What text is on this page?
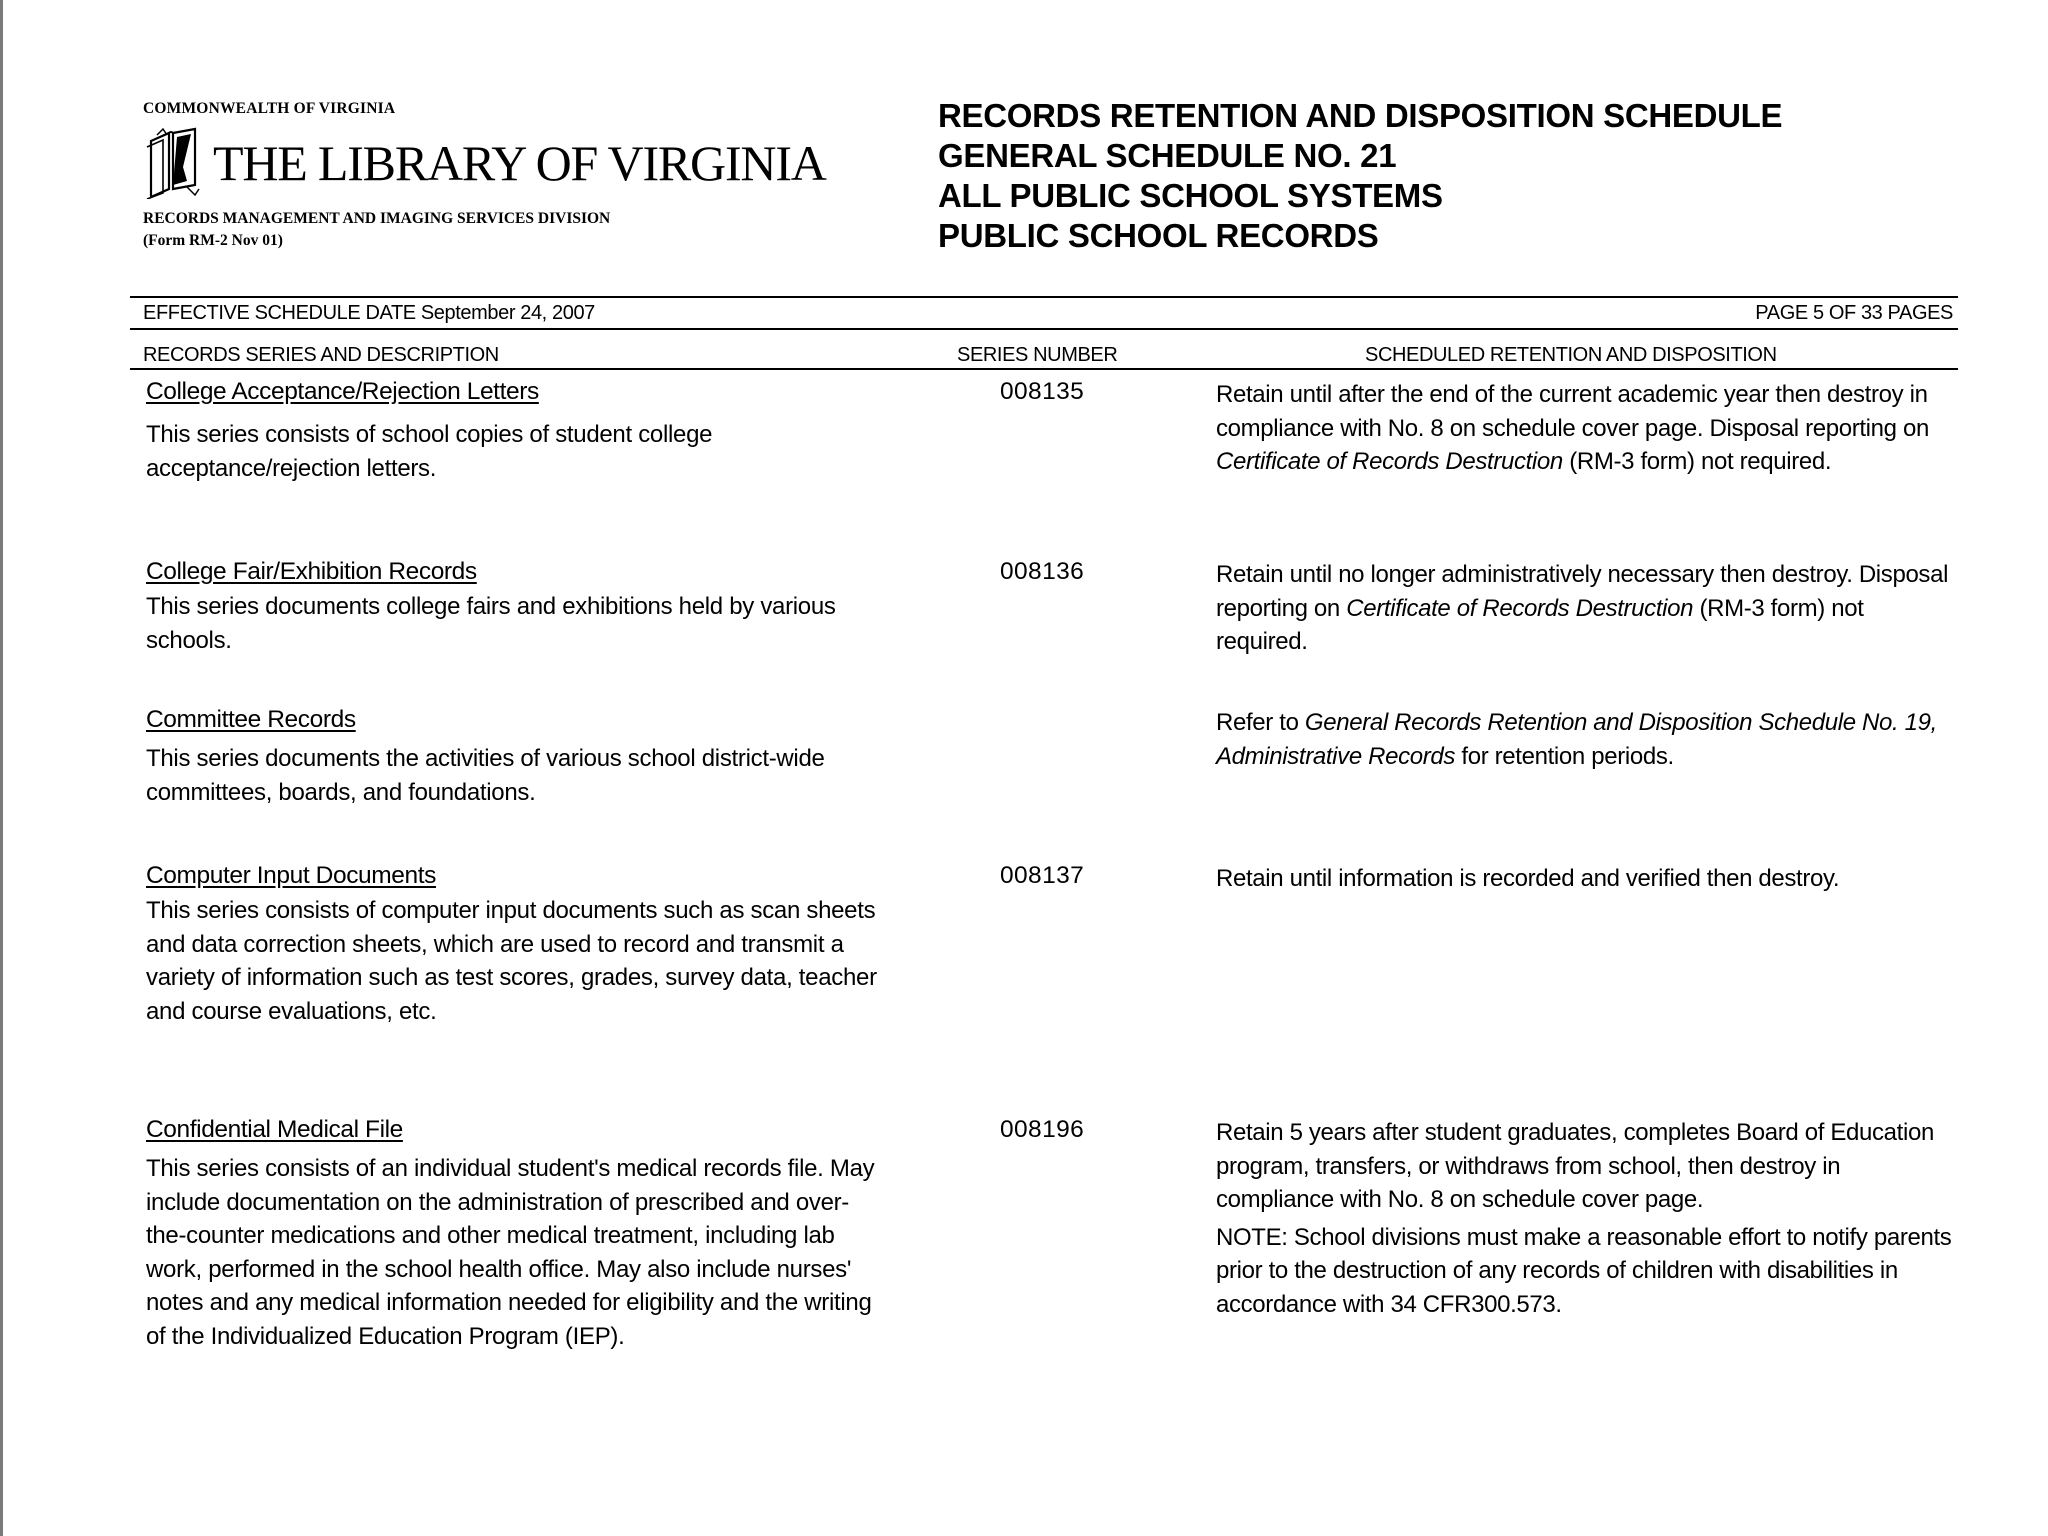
COMMONWEALTH OF VIRGINIA
THE LIBRARY OF VIRGINIA
RECORDS MANAGEMENT AND IMAGING SERVICES DIVISION
(Form RM-2 Nov 01)
RECORDS RETENTION AND DISPOSITION SCHEDULE
GENERAL SCHEDULE NO. 21
ALL PUBLIC SCHOOL SYSTEMS
PUBLIC SCHOOL RECORDS
EFFECTIVE SCHEDULE DATE September 24, 2007	PAGE 5 OF 33 PAGES
RECORDS SERIES AND DESCRIPTION	SERIES NUMBER	SCHEDULED RETENTION AND DISPOSITION
College Acceptance/Rejection Letters
This series consists of school copies of student college acceptance/rejection letters.
008135	Retain until after the end of the current academic year then destroy in compliance with No. 8 on schedule cover page. Disposal reporting on Certificate of Records Destruction (RM-3 form) not required.

College Fair/Exhibition Records
This series documents college fairs and exhibitions held by various schools.
008136	Retain until no longer administratively necessary then destroy. Disposal reporting on Certificate of Records Destruction (RM-3 form) not required.

Committee Records
This series documents the activities of various school district-wide committees, boards, and foundations.

Refer to General Records Retention and Disposition Schedule No. 19, Administrative Records for retention periods.

Computer Input Documents
This series consists of computer input documents such as scan sheets and data correction sheets, which are used to record and transmit a variety of information such as test scores, grades, survey data, teacher and course evaluations, etc.
008137	Retain until information is recorded and verified then destroy.

Confidential Medical File
This series consists of an individual student's medical records file. May include documentation on the administration of prescribed and over-the-counter medications and other medical treatment, including lab work, performed in the school health office. May also include nurses' notes and any medical information needed for eligibility and the writing of the Individualized Education Program (IEP).
008196	Retain 5 years after student graduates, completes Board of Education program, transfers, or withdraws from school, then destroy in compliance with No. 8 on schedule cover page.

NOTE: School divisions must make a reasonable effort to notify parents prior to the destruction of any records of children with disabilities in accordance with 34 CFR300.573.
